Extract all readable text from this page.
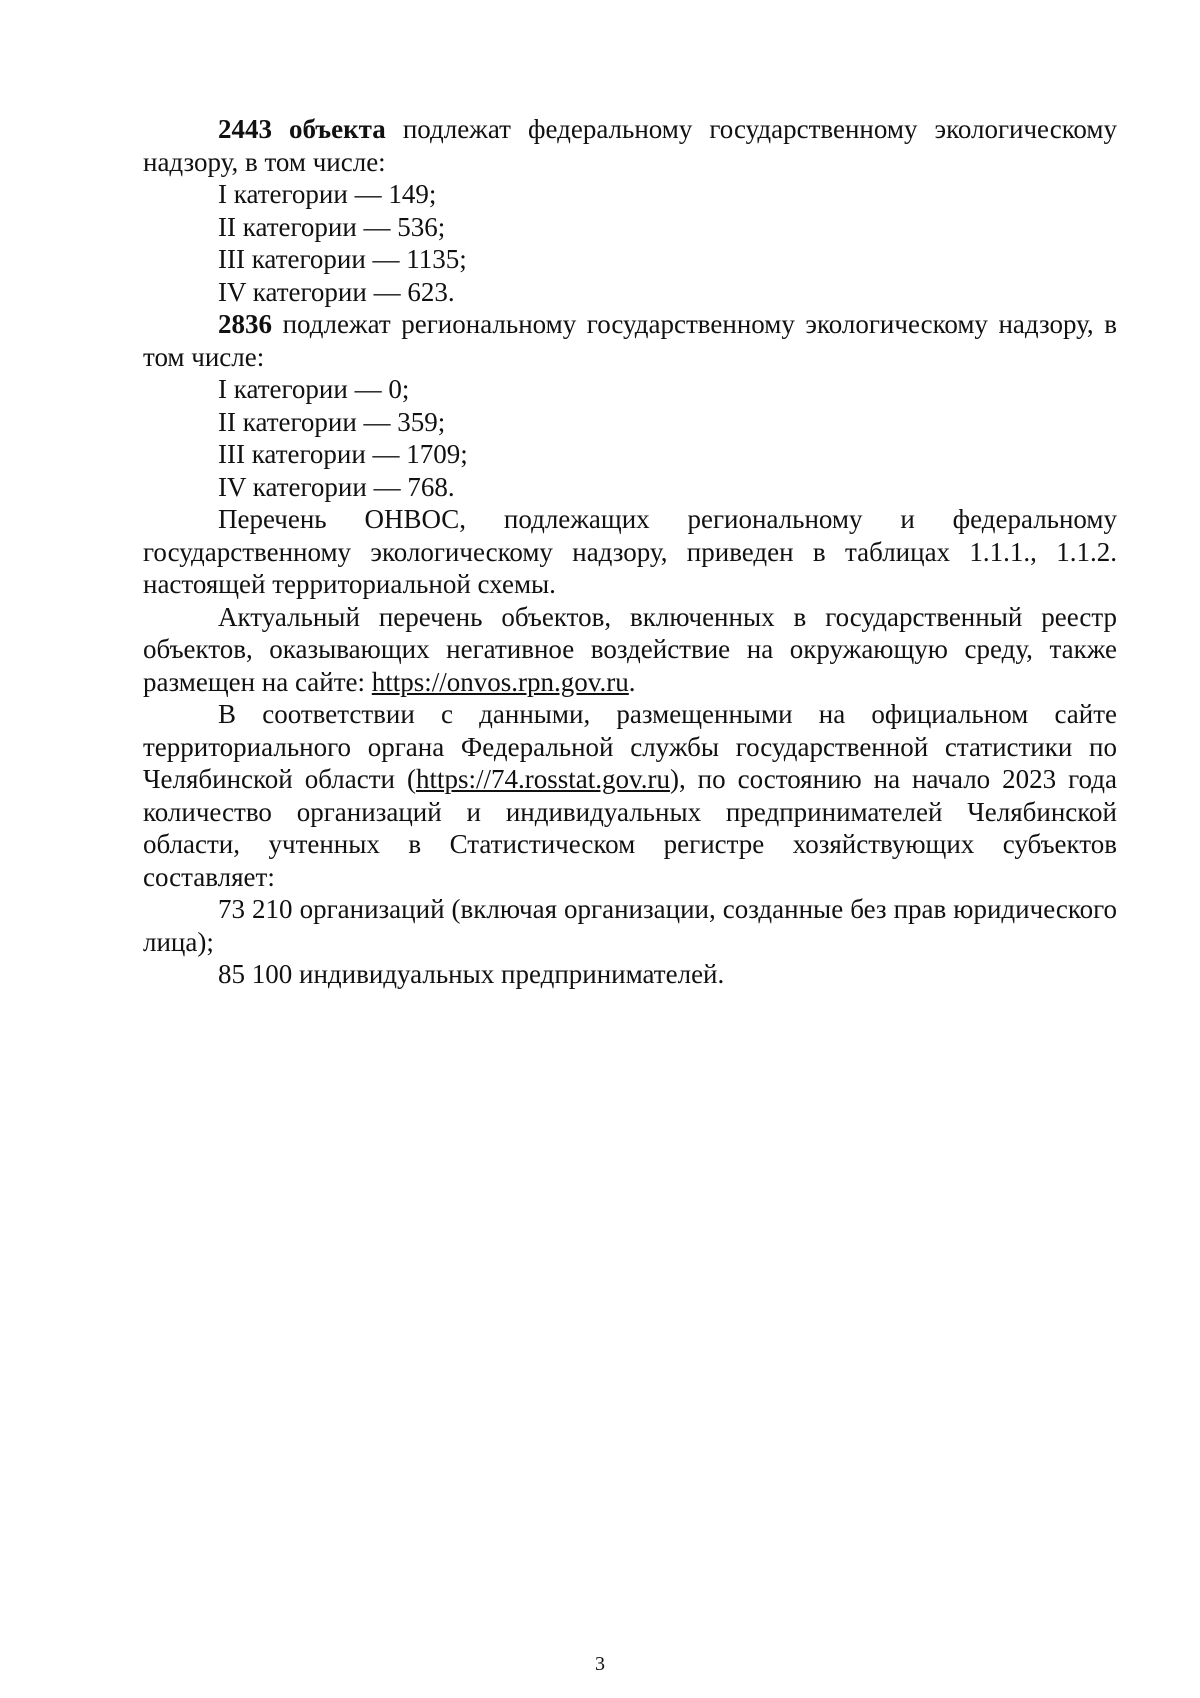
2443 объекта подлежат федеральному государственному экологическому надзору, в том числе:

I категории — 149;

II категории — 536;

III категории — 1135;

IV категории — 623.

2836 подлежат региональному государственному экологическому надзору, в том числе:

I категории — 0;

II категории — 359;

III категории — 1709;

IV категории — 768.

Перечень ОНВОС, подлежащих региональному и федеральному государственному экологическому надзору, приведен в таблицах 1.1.1., 1.1.2. настоящей территориальной схемы.

Актуальный перечень объектов, включенных в государственный реестр объектов, оказывающих негативное воздействие на окружающую среду, также размещен на сайте: https://onvos.rpn.gov.ru.

В соответствии с данными, размещенными на официальном сайте территориального органа Федеральной службы государственной статистики по Челябинской области (https://74.rosstat.gov.ru), по состоянию на начало 2023 года количество организаций и индивидуальных предпринимателей Челябинской области, учтенных в Статистическом регистре хозяйствующих субъектов составляет:

73 210 организаций (включая организации, созданные без прав юридического лица);

85 100 индивидуальных предпринимателей.

3
